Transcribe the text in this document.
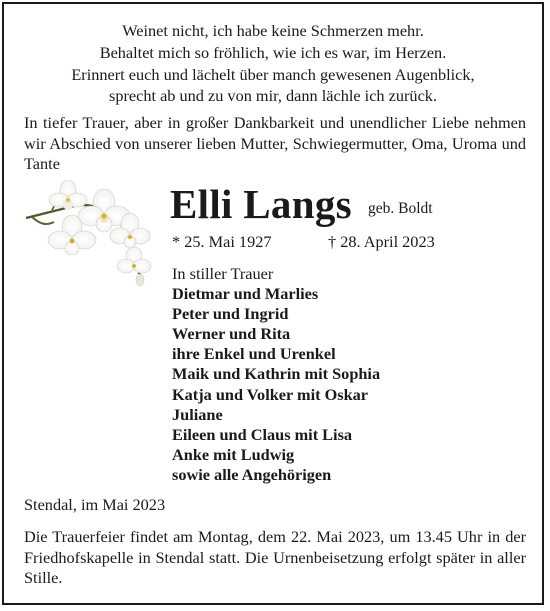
Weinet nicht, ich habe keine Schmerzen mehr.
Behaltet mich so fröhlich, wie ich es war, im Herzen.
Erinnert euch und lächelt über manch gewesenen Augenblick,
sprecht ab und zu von mir, dann lächle ich zurück.
In tiefer Trauer, aber in großer Dankbarkeit und unendlicher Liebe nehmen wir Abschied von unserer lieben Mutter, Schwiegermutter, Oma, Uroma und Tante
Elli Langs geb. Boldt
* 25. Mai 1927	† 28. April 2023
In stiller Trauer
Dietmar und Marlies
Peter und Ingrid
Werner und Rita
ihre Enkel und Urenkel
Maik und Kathrin mit Sophia
Katja und Volker mit Oskar
Juliane
Eileen und Claus mit Lisa
Anke mit Ludwig
sowie alle Angehörigen
Stendal, im Mai 2023
Die Trauerfeier findet am Montag, dem 22. Mai 2023, um 13.45 Uhr in der Friedhofskapelle in Stendal statt. Die Urnenbeisetzung erfolgt später in aller Stille.
